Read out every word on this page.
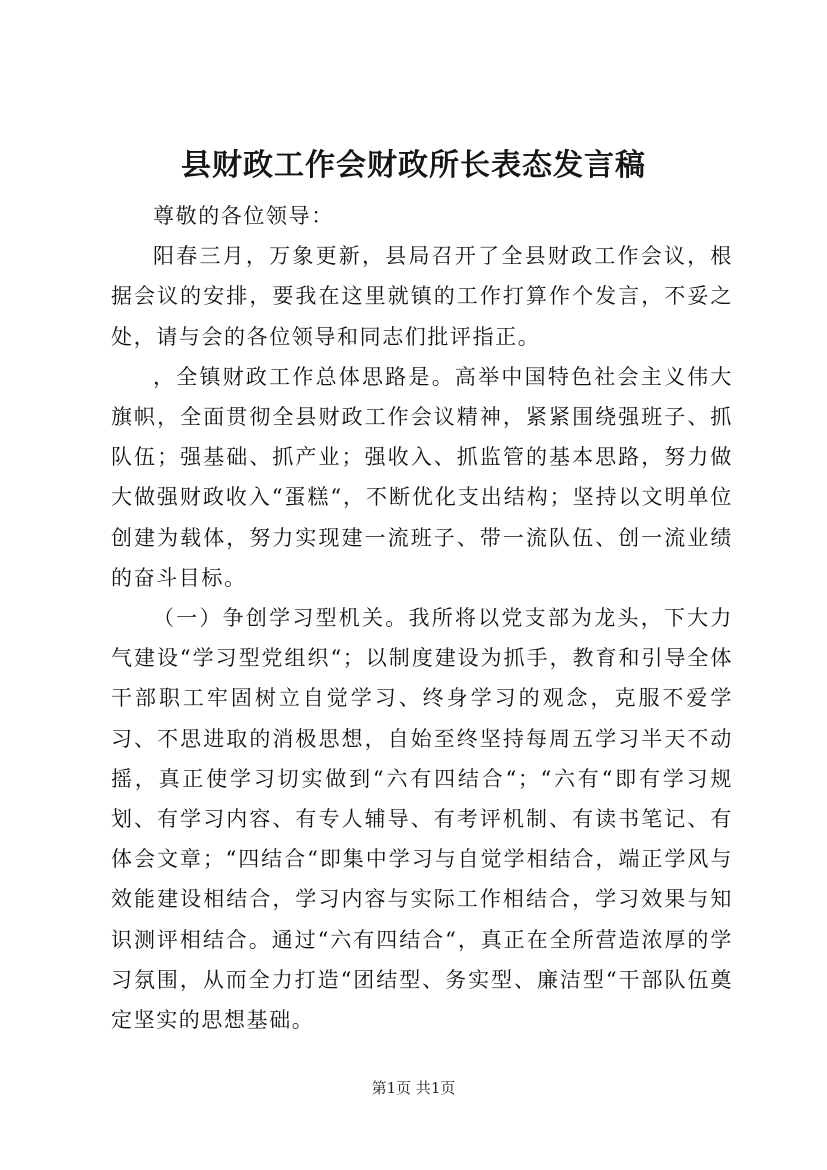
县财政工作会财政所长表态发言稿

尊敬的各位领导：

阳春三月，万象更新，县局召开了全县财政工作会议，根据会议的安排，要我在这里就镇的工作打算作个发言，不妥之处，请与会的各位领导和同志们批评指正。

，全镇财政工作总体思路是。高举中国特色社会主义伟大旗帜，全面贯彻全县财政工作会议精神，紧紧围绕强班子、抓队伍；强基础、抓产业；强收入、抓监管的基本思路，努力做大做强财政收入“蛋糕“，不断优化支出结构；坚持以文明单位创建为载体，努力实现建一流班子、带一流队伍、创一流业绩的奋斗目标。

（一）争创学习型机关。我所将以党支部为龙头，下大力气建设“学习型党组织“；以制度建设为抓手，教育和引导全体干部职工牢固树立自觉学习、终身学习的观念，克服不爱学习、不思进取的消极思想，自始至终坚持每周五学习半天不动摇，真正使学习切实做到“六有四结合“；“六有“即有学习规划、有学习内容、有专人辅导、有考评机制、有读书笔记、有体会文章；“四结合“即集中学习与自觉学相结合，端正学风与效能建设相结合，学习内容与实际工作相结合，学习效果与知识测评相结合。通过“六有四结合“，真正在全所营造浓厚的学习氛围，从而全力打造“团结型、务实型、廉洁型“干部队伍奠定坚实的思想基础。

第1页 共1页
